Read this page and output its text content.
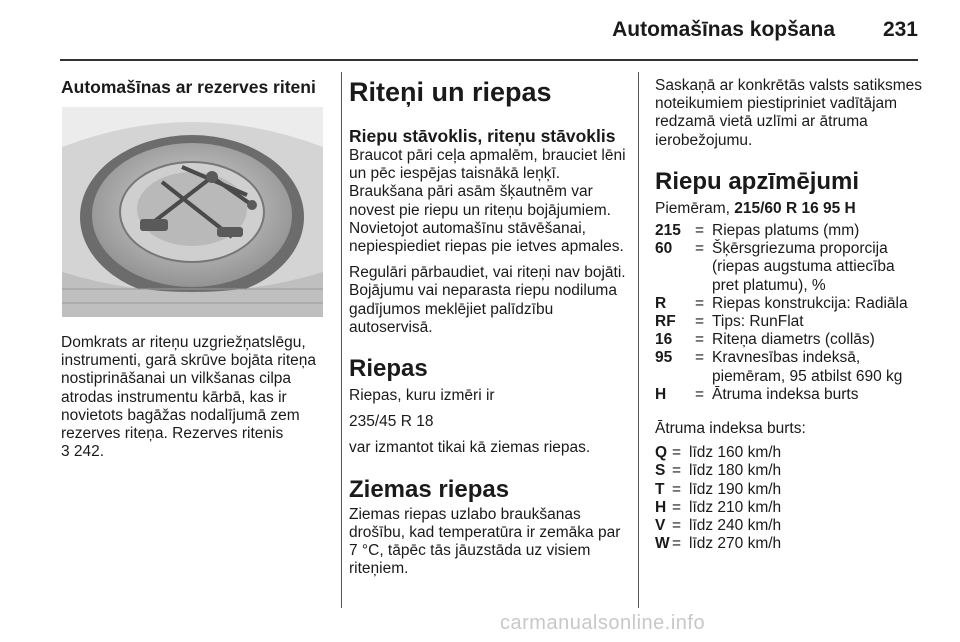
Automašīnas kopšana 231
Automašīnas ar rezerves riteni

Domkrats ar riteņu uzgriežņatslēgu, instrumenti, garā skrūve bojāta riteņa nostiprināšanai un vilkšanas cilpa atrodas instrumentu kārbā, kas ir novietots bagāžas nodalījumā zem rezerves riteņa. Rezerves ritenis

3 242.
Riteņi un riepas
Riepu stāvoklis, riteņu stāvoklis

Braucot pāri ceļa apmalēm, brauciet lēni un pēc iespējas taisnākā leņķī. Braukšana pāri asām šķautnēm var novest pie riepu un riteņu bojājumiem. Novietojot automašīnu stāvēšanai, nepiespiediet riepas pie ietves apmales.

Regulāri pārbaudiet, vai riteņi nav bojāti. Bojājumu vai neparasta riepu nodiluma gadījumos meklējiet palīdzību autoservisā.

Riepas

Riepas, kuru izmēri ir

235/45 R 18

var izmantot tikai kā ziemas riepas.

Ziemas riepas

Ziemas riepas uzlabo braukšanas drošību, kad temperatūra ir zemāka par 7 °C, tāpēc tās jāuzstāda uz visiem riteņiem.

Saskaņā ar konkrētās valsts satiksmes noteikumiem piestipriniet vadītājam redzamā vietā uzlīmi ar ātruma ierobežojumu.

Riepu apzīmējumi

Piemēram, 215/60 R 16 95 H

215 = Riepas platums (mm)
60	= Šķērsgriezuma proporcija (riepas augstuma attiecība pret platumu), %
R	= Riepas konstrukcija: Radiāla
RF	= Tips: RunFlat
16	= Riteņa diametrs (collās)
95	= Kravnesības indeksā, piemēram, 95 atbilst 690 kg
H	= Ātruma indeksa burts

Ātruma indeksa burts:

Q = līdz 160 km/h
S = līdz 180 km/h
T = līdz 190 km/h
H = līdz 210 km/h
V = līdz 240 km/h
W = līdz 270 km/h
carmanualsonline.info
